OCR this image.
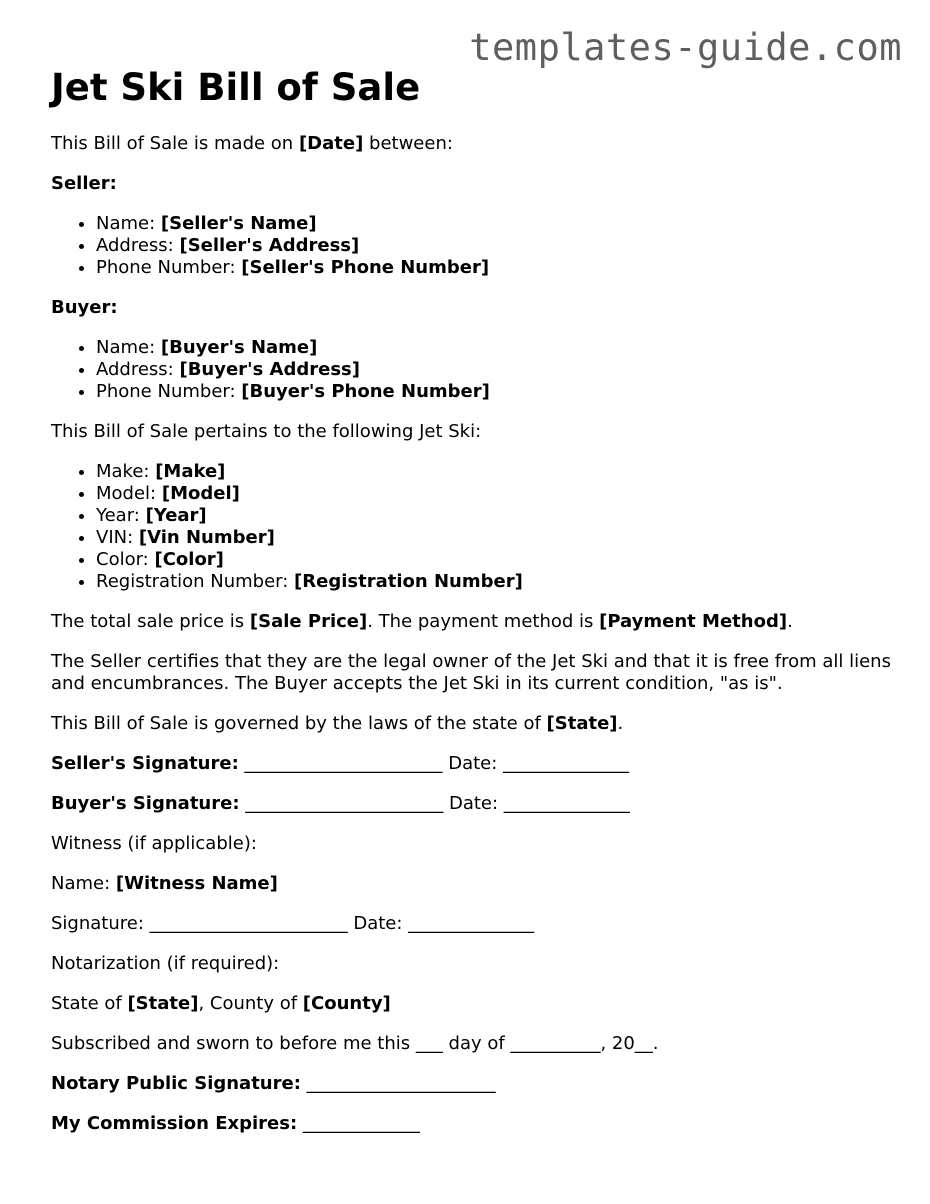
templates-guide.com
Jet Ski Bill of Sale

This Bill of Sale is made on [Date] between:

Seller:

• Name: [Seller's Name]
• Address: [Seller's Address]
• Phone Number: [Seller's Phone Number]

Buyer:

• Name: [Buyer's Name]
• Address: [Buyer's Address]
• Phone Number: [Buyer's Phone Number]

This Bill of Sale pertains to the following Jet Ski:

• Make: [Make]
• Model: [Model]
• Year: [Year]
• VIN: [Vin Number]
• Color: [Color]
• Registration Number: [Registration Number]

The total sale price is [Sale Price]. The payment method is [Payment Method].

The Seller certifies that they are the legal owner of the Jet Ski and that it is free from all liens and encumbrances. The Buyer accepts the Jet Ski in its current condition, "as is".

This Bill of Sale is governed by the laws of the state of [State].

Seller's Signature: ______________________ Date: ______________

Buyer's Signature: ______________________ Date: ______________

Witness (if applicable):

Name: [Witness Name]

Signature: ______________________ Date: ______________

Notarization (if required):

State of [State], County of [County]

Subscribed and sworn to before me this ___ day of __________, 20__.

Notary Public Signature: _____________________

My Commission Expires: _____________
